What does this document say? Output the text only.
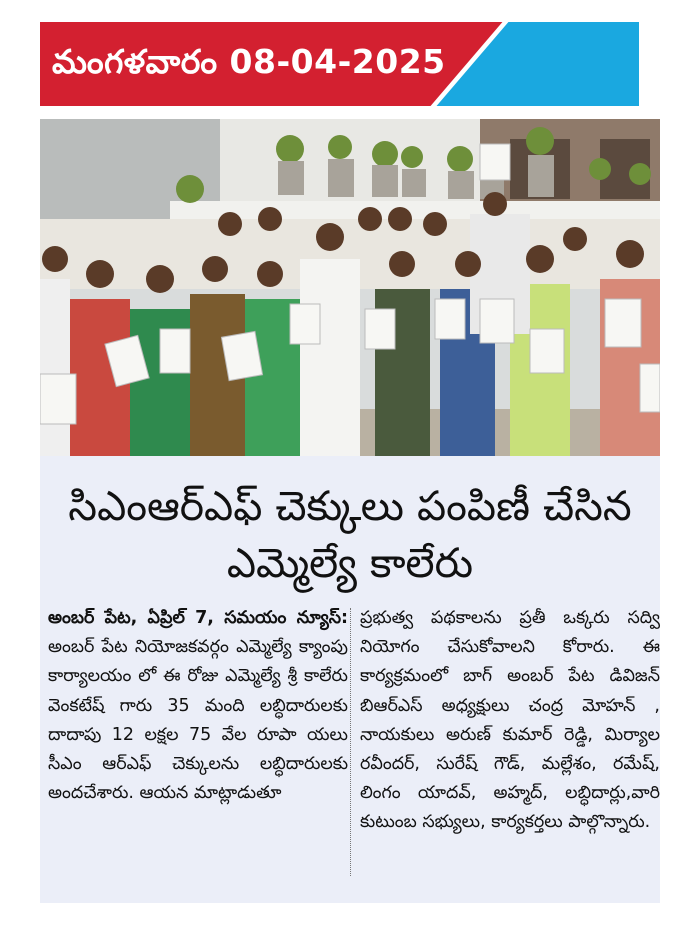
మంగళవారం 08-04-2025
సిఎంఆర్ఎఫ్ చెక్కులు పంపిణీ చేసిన
ఎమ్మెల్యే కాలేరు
అంబర్ పేట, ఏప్రిల్ 7, సమయం న్యూస్: అంబర్ పేట నియోజకవర్గం ఎమ్మెల్యే క్యాంపు కార్యాలయం లో ఈ రోజు ఎమ్మెల్యే శ్రీ కాలేరు వెంకటేష్ గారు 35 మంది లబ్ధిదారులకు దాదాపు 12 లక్షల 75 వేల రూపా యలు సీఎం ఆర్ఎఫ్ చెక్కులను లబ్ధిదారులకు అందచేశారు. ఆయన మాట్లాడుతూ
ప్రభుత్వ పథకాలను ప్రతీ ఒక్కరు సద్వి నియోగం చేసుకోవాలని కోరారు. ఈ కార్యక్రమంలో బాగ్ అంబర్ పేట డివిజన్ బిఆర్ఎస్ అధ్యక్షులు చంద్ర మోహన్ , నాయకులు అరుణ్ కుమార్ రెడ్డి, మిర్యాల రవీందర్, సురేష్ గౌడ్, మల్లేశం, రమేష్, లింగం యాదవ్, అహ్మద్, లబ్ధిదార్లు,వారి కుటుంబ సభ్యులు, కార్యకర్తలు పాల్గొన్నారు.
